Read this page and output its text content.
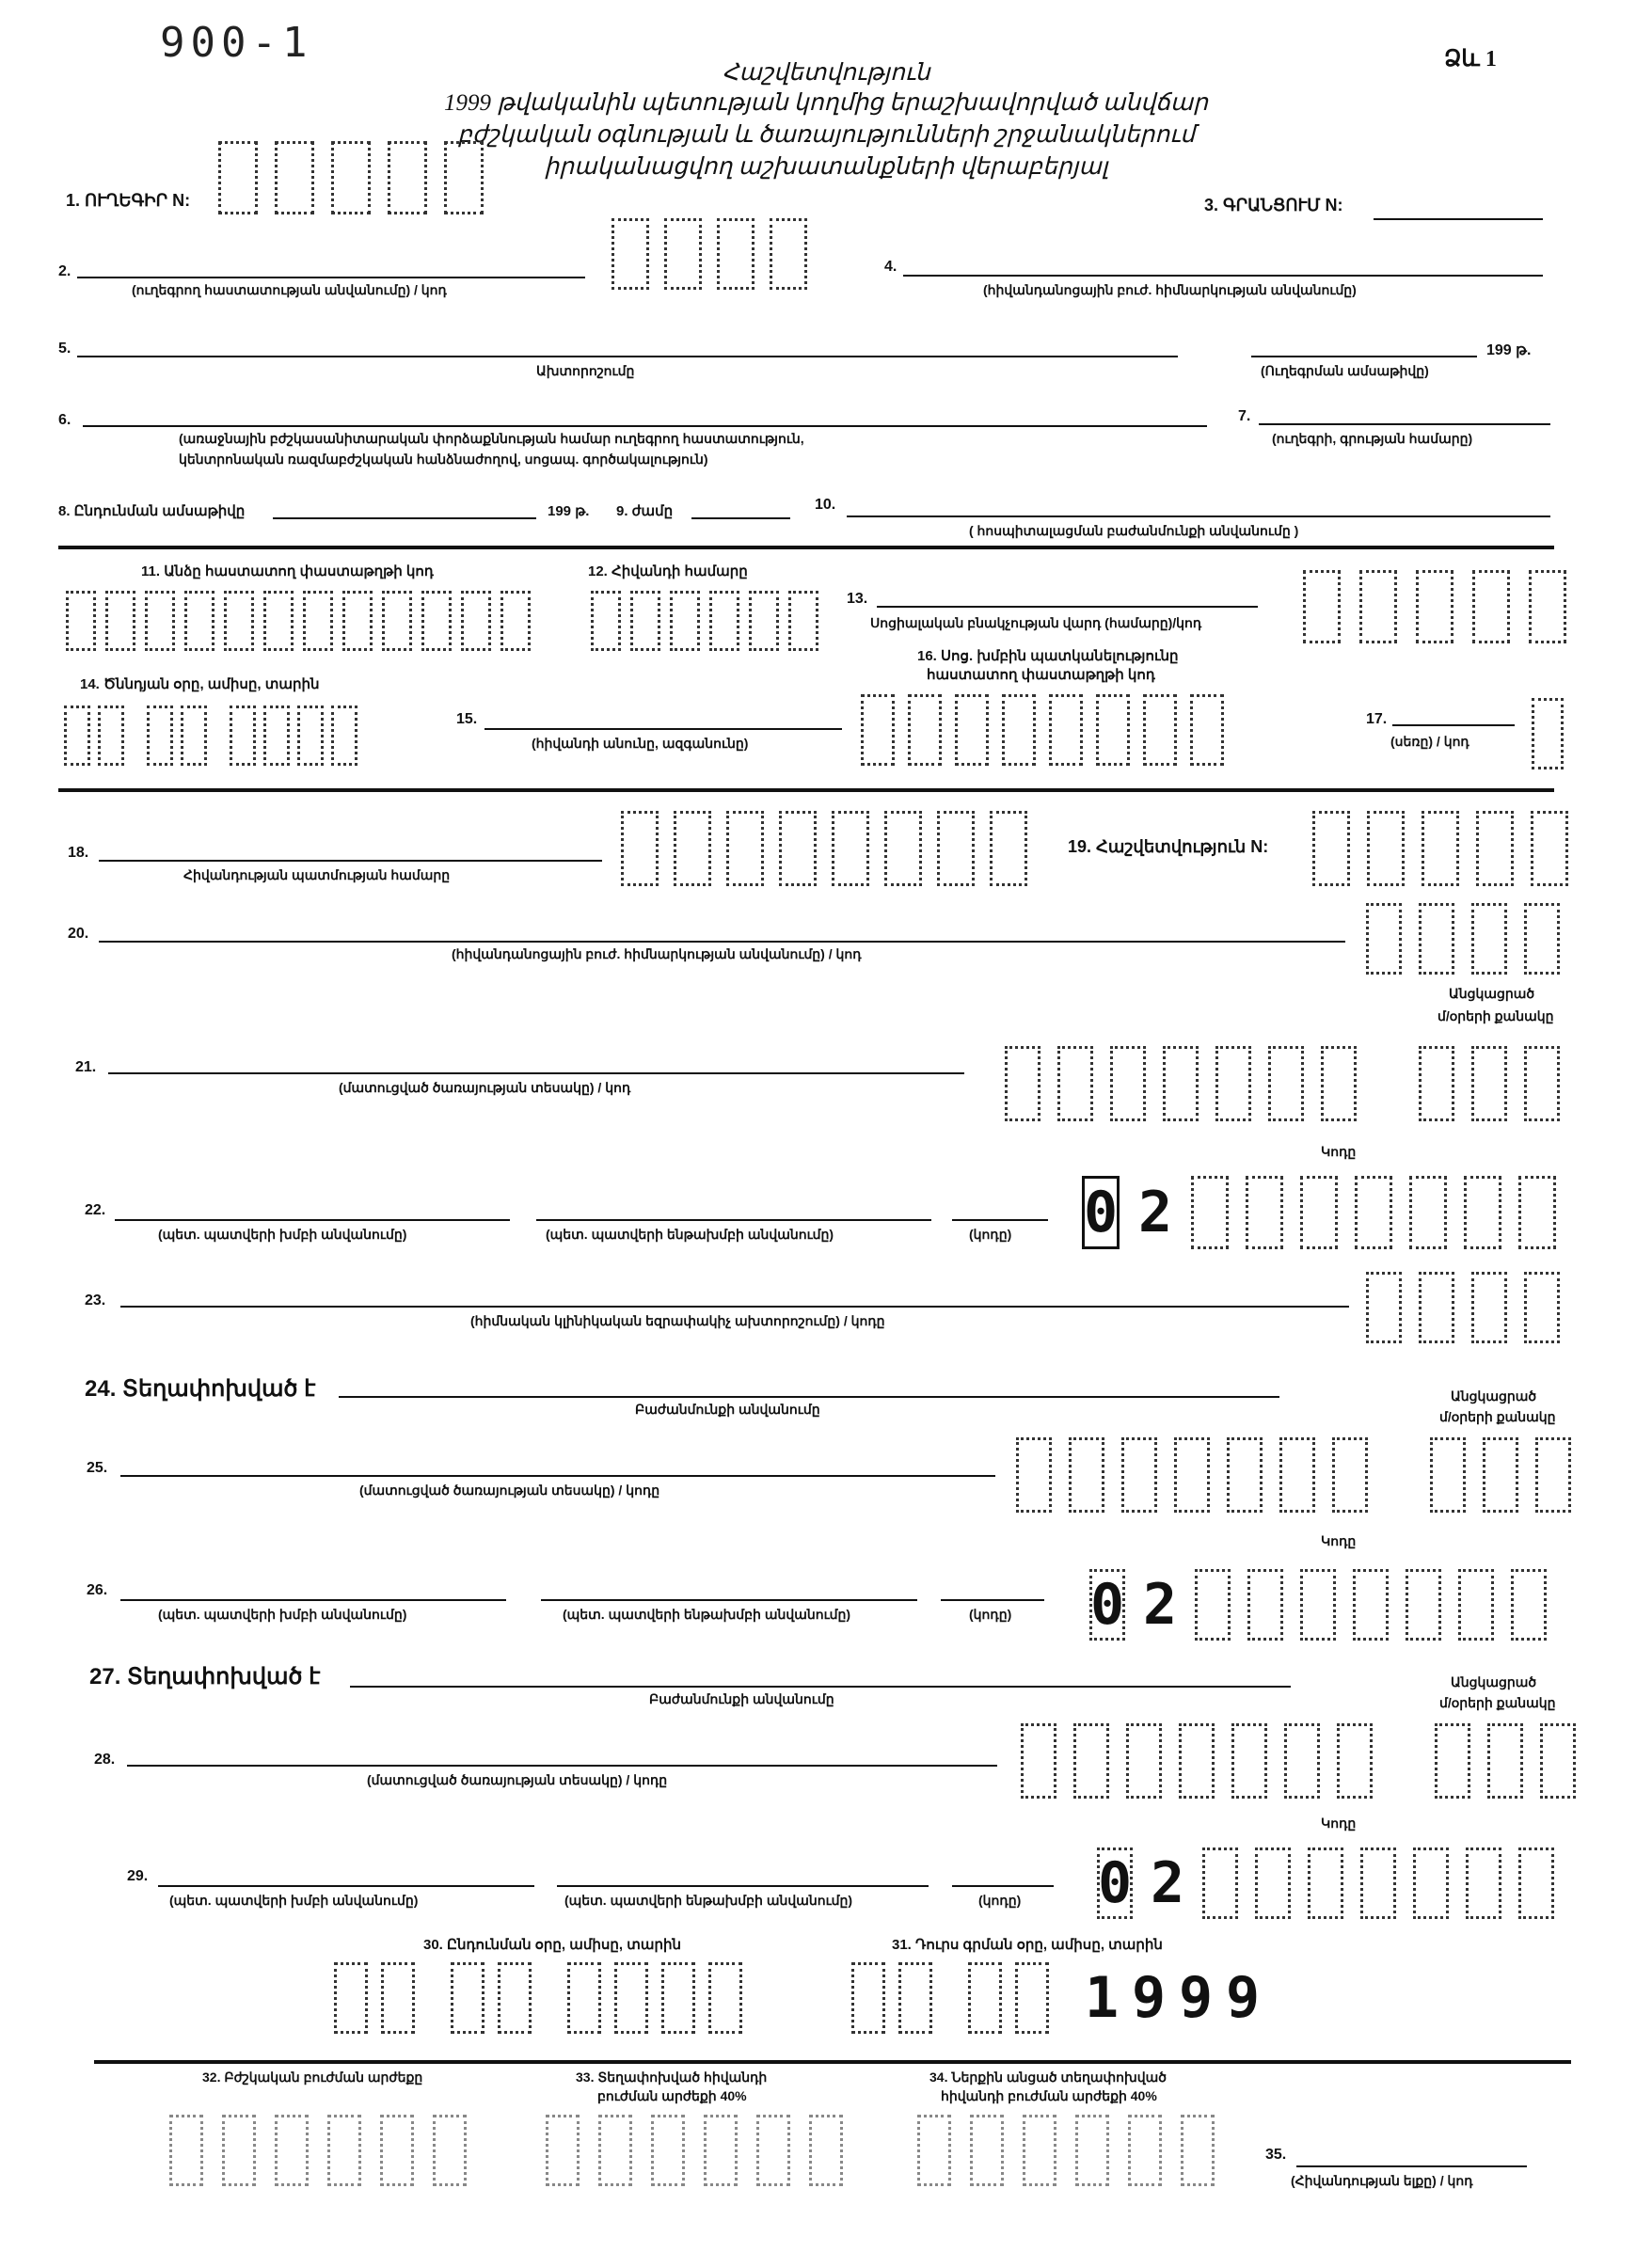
900-1	Ձև 1
Հաշվետվություն
1999 թվականին պետության կողմից երաշխավորված անվճար
բժշկական օգնության և ծառայությունների շրջանակներում
իրականացվող աշխատանքների վերաբերյալ
1. ՈՒՂԵԳԻՐ N:	3. ԳՐԱՆՑՈՒՄ N:
2.
(ուղեգրող հաստատության անվանումը) / կոդ
4.
(հիվանդանոցային բուժ. հիմնարկության անվանումը)
5.
Ախտորոշումը
199 թ.
(Ուղեգրման ամսաթիվը)
6.
(առաջնային բժշկասանիտարական փորձաքննության համար ուղեգրող հաստատություն,
կենտրոնական ռազմաբժշկական հանձնաժողով, սոցապ. գործակալություն)
7.
(ուղեգրի, գրության համարը)
8. Ընդունման ամսաթիվը	199 թ. 9. ժամը	10.
( հոսպիտալացման բաժանմունքի անվանումը )
11. Անձը հաստատող փաստաթղթի կոդ	12. Հիվանդի համարը
13.
Սոցիալական բնակչության վարդ (համարը)/կոդ
14. Ծննդյան օրը, ամիսը, տարին
16. Սոց. խմբին պատկանելությունը
հաստատող փաստաթղթի կոդ
15.
(հիվանդի անունը, ազգանունը)
17.
(սեռը) / կոդ
18.
Հիվանդության պատմության համարը
19. Հաշվետվություն N:
20.
(հիվանդանոցային բուժ. հիմնարկության անվանումը) / կոդ
Անցկացրած
մ/օրերի քանակը
21.
(մատուցված ծառայության տեսակը) / կոդ
Կոդը
22.
(պետ. պատվերի խմբի անվանումը)	(պետ. պատվերի ենթախմբի անվանումը)	(կոդը) 0 2
23.
(հիմնական կլինիկական եզրափակիչ ախտորոշումը) / կոդը
24. Տեղափոխված է
Բաժանմունքի անվանումը
Անցկացրած
մ/օրերի քանակը
25.
(մատուցված ծառայության տեսակը) / կոդը
Կոդը
26.
(պետ. պատվերի խմբի անվանումը)	(պետ. պատվերի ենթախմբի անվանումը)	(կոդը) 0 2
27. Տեղափոխված է
Բաժանմունքի անվանումը
Անցկացրած
մ/օրերի քանակը
28.
(մատուցված ծառայության տեսակը) / կոդը
Կոդը
29.
(պետ. պատվերի խմբի անվանումը)	(պետ. պատվերի ենթախմբի անվանումը)	(կոդը) 0 2
30. Ընդունման օրը, ամիսը, տարին	31. Դուրս գրման օրը, ամիսը, տարին
1 9 9 9
32. Բժշկական բուժման արժեքը	33. Տեղափոխված հիվանդի
բուժման արժեքի 40%
34. Ներքին անցած տեղափոխված
հիվանդի բուժման արժեքի 40%
35.
(Հիվանդության ելքը) / կոդ
